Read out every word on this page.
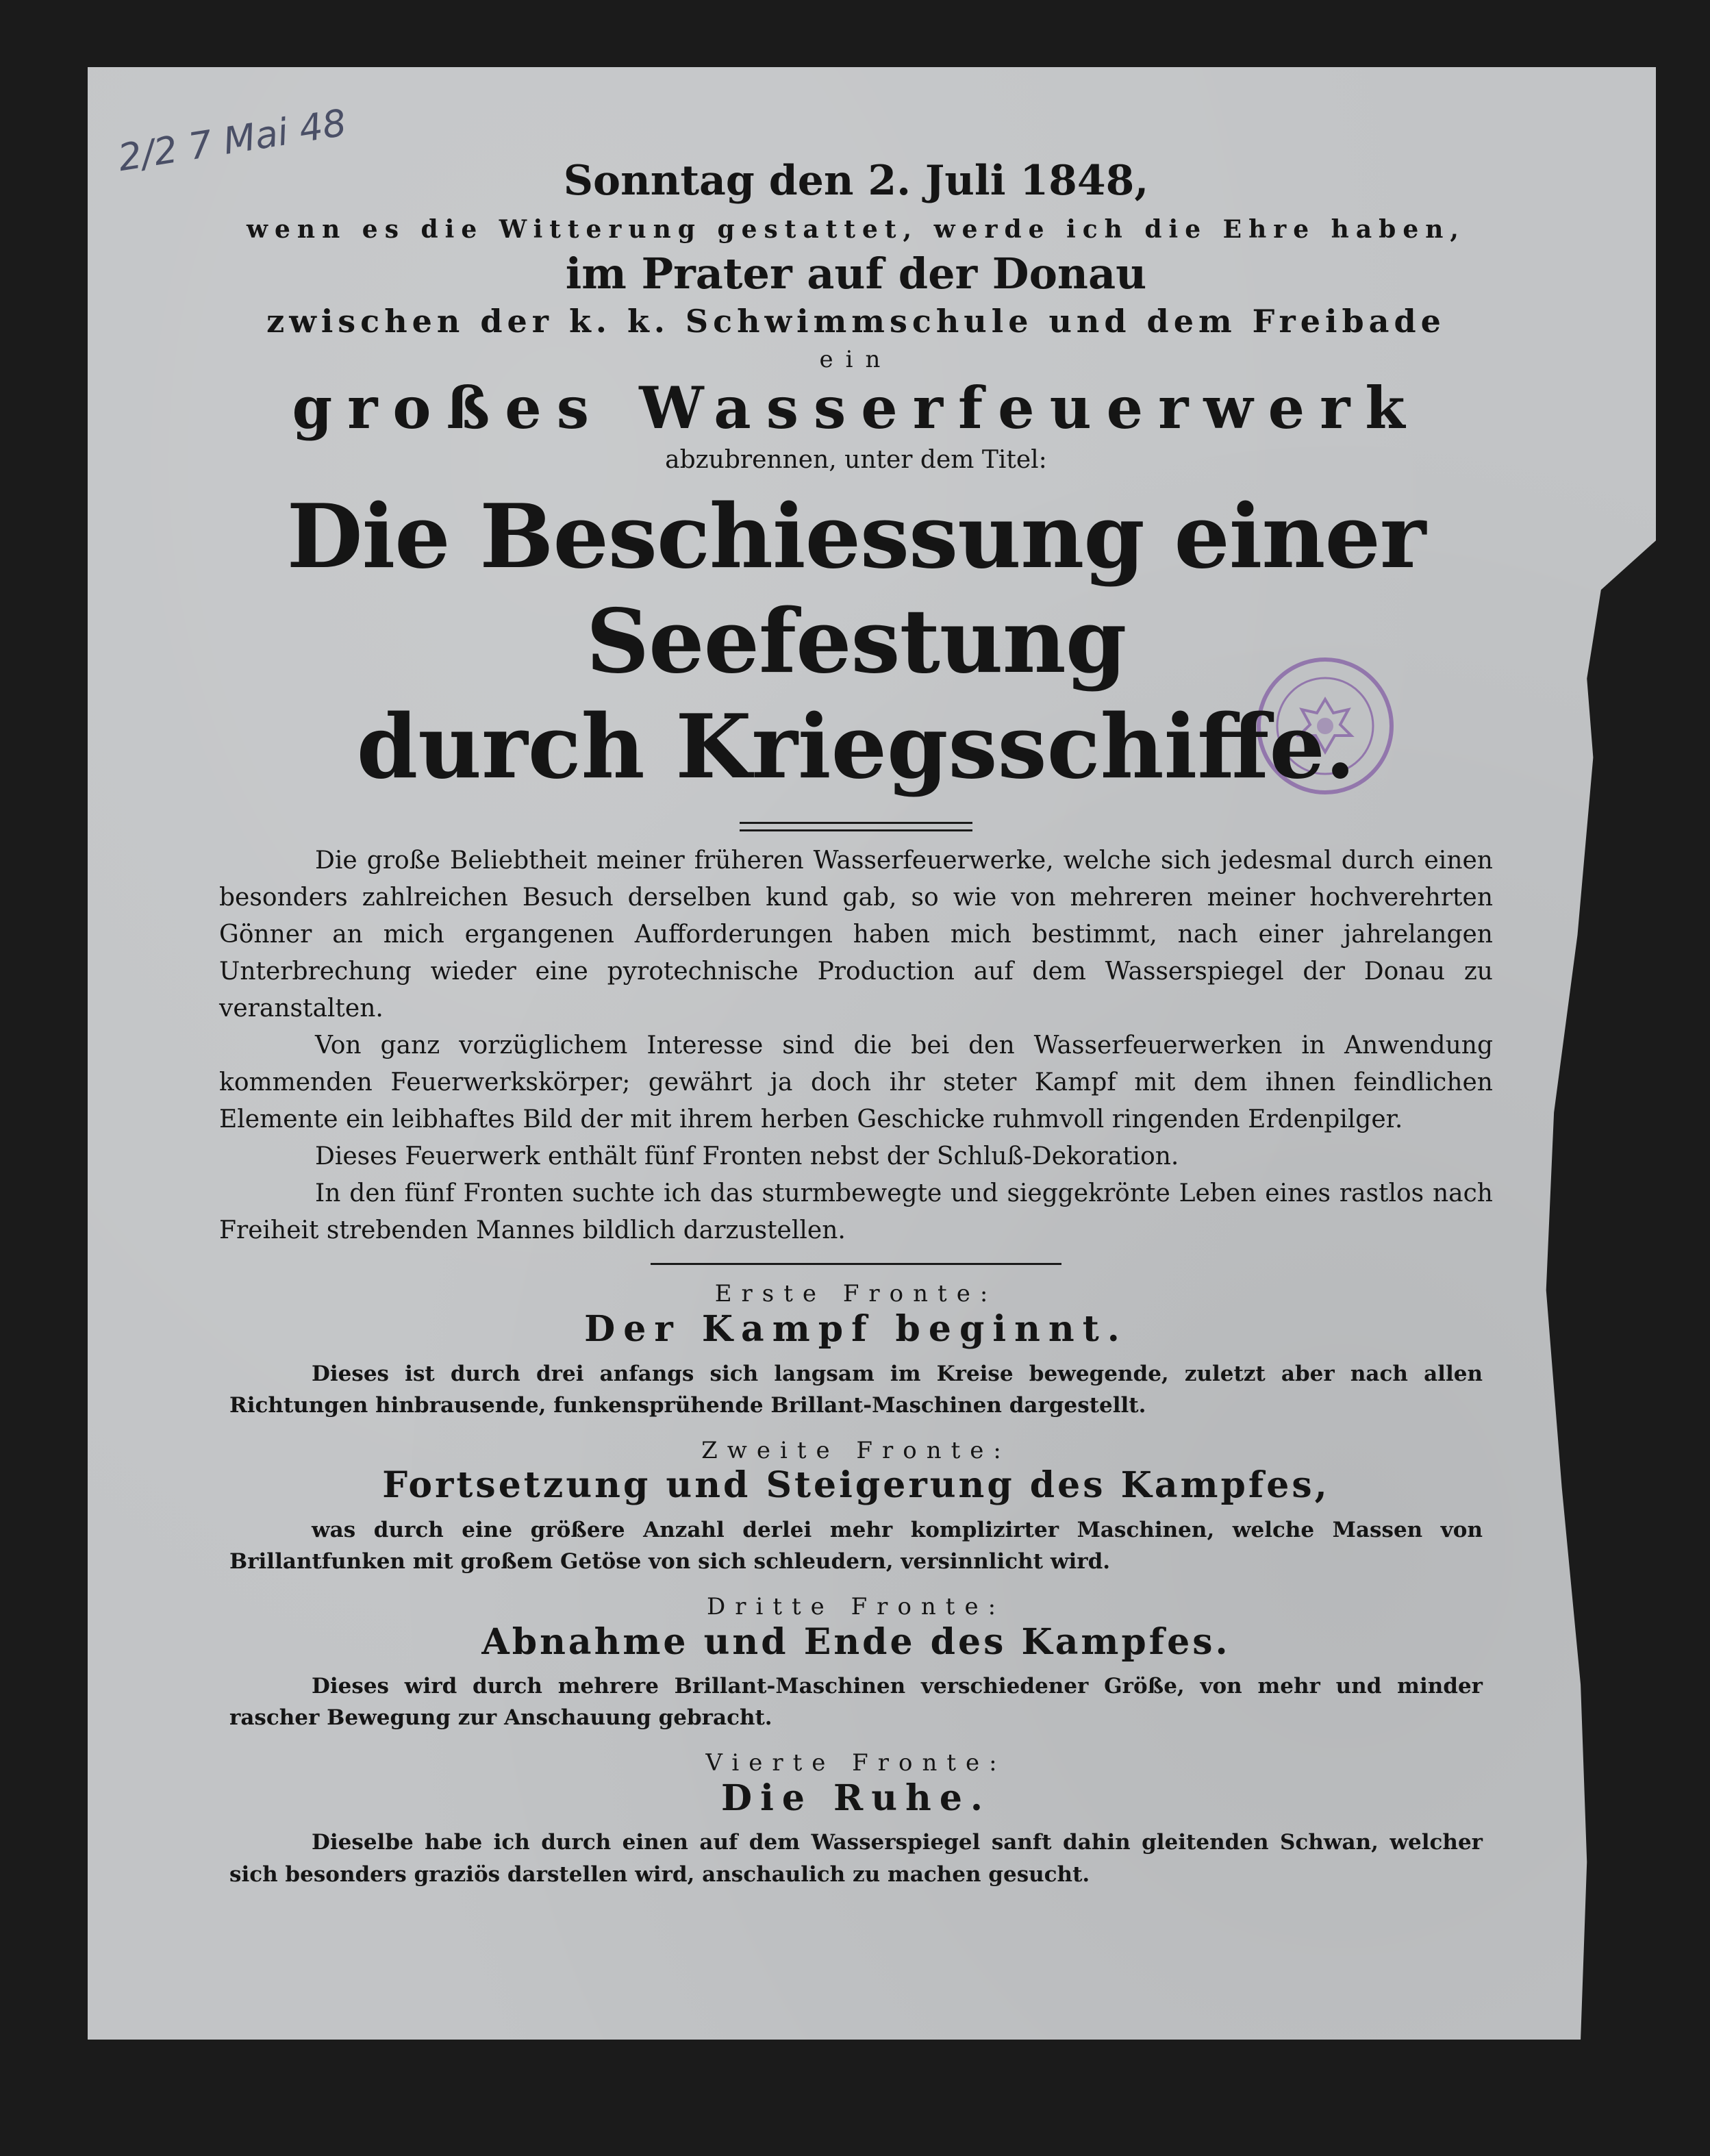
2/2 7 Mai 48

Sonntag den 2. Juli 1848,

wenn es die Witterung gestattet, werde ich die Ehre haben,

im Prater auf der Donau

zwischen der k. k. Schwimmschule und dem Freibade

ein

großes Wasserfeuerwerk

abzubrennen, unter dem Titel:

Die Beschiessung einer Seefestung

durch Kriegsschiffe.

Die große Beliebtheit meiner früheren Wasserfeuerwerke, welche sich jedesmal durch einen besonders zahlreichen Besuch derselben kund gab, so wie von mehreren meiner hochverehrten Gönner an mich ergangenen Aufforderungen haben mich bestimmt, nach einer jahrelangen Unterbrechung wieder eine pyrotechnische Production auf dem Wasserspiegel der Donau zu veranstalten.

Von ganz vorzüglichem Interesse sind die bei den Wasserfeuerwerken in Anwendung kommenden Feuerwerkskörper; gewährt ja doch ihr steter Kampf mit dem ihnen feindlichen Elemente ein leibhaftes Bild der mit ihrem herben Geschicke ruhmvoll ringenden Erdenpilger.

Dieses Feuerwerk enthält fünf Fronten nebst der Schluß-Dekoration.

In den fünf Fronten suchte ich das sturmbewegte und sieggekrönte Leben eines rastlos nach Freiheit strebenden Mannes bildlich darzustellen.

Erste Fronte:

Der Kampf beginnt.

Dieses ist durch drei anfangs sich langsam im Kreise bewegende, zuletzt aber nach allen Richtungen hinbrausende, funkensprühende Brillant-Maschinen dargestellt.

Zweite Fronte:

Fortsetzung und Steigerung des Kampfes,

was durch eine größere Anzahl derlei mehr komplizirter Maschinen, welche Massen von Brillantfunken mit großem Getöse von sich schleudern, versinnlicht wird.

Dritte Fronte:

Abnahme und Ende des Kampfes.

Dieses wird durch mehrere Brillant-Maschinen verschiedener Größe, von mehr und minder rascher Bewegung zur Anschauung gebracht.

Vierte Fronte:

Die Ruhe.

Dieselbe habe ich durch einen auf dem Wasserspiegel sanft dahin gleitenden Schwan, welcher sich besonders graziös darstellen wird, anschaulich zu machen gesucht.
